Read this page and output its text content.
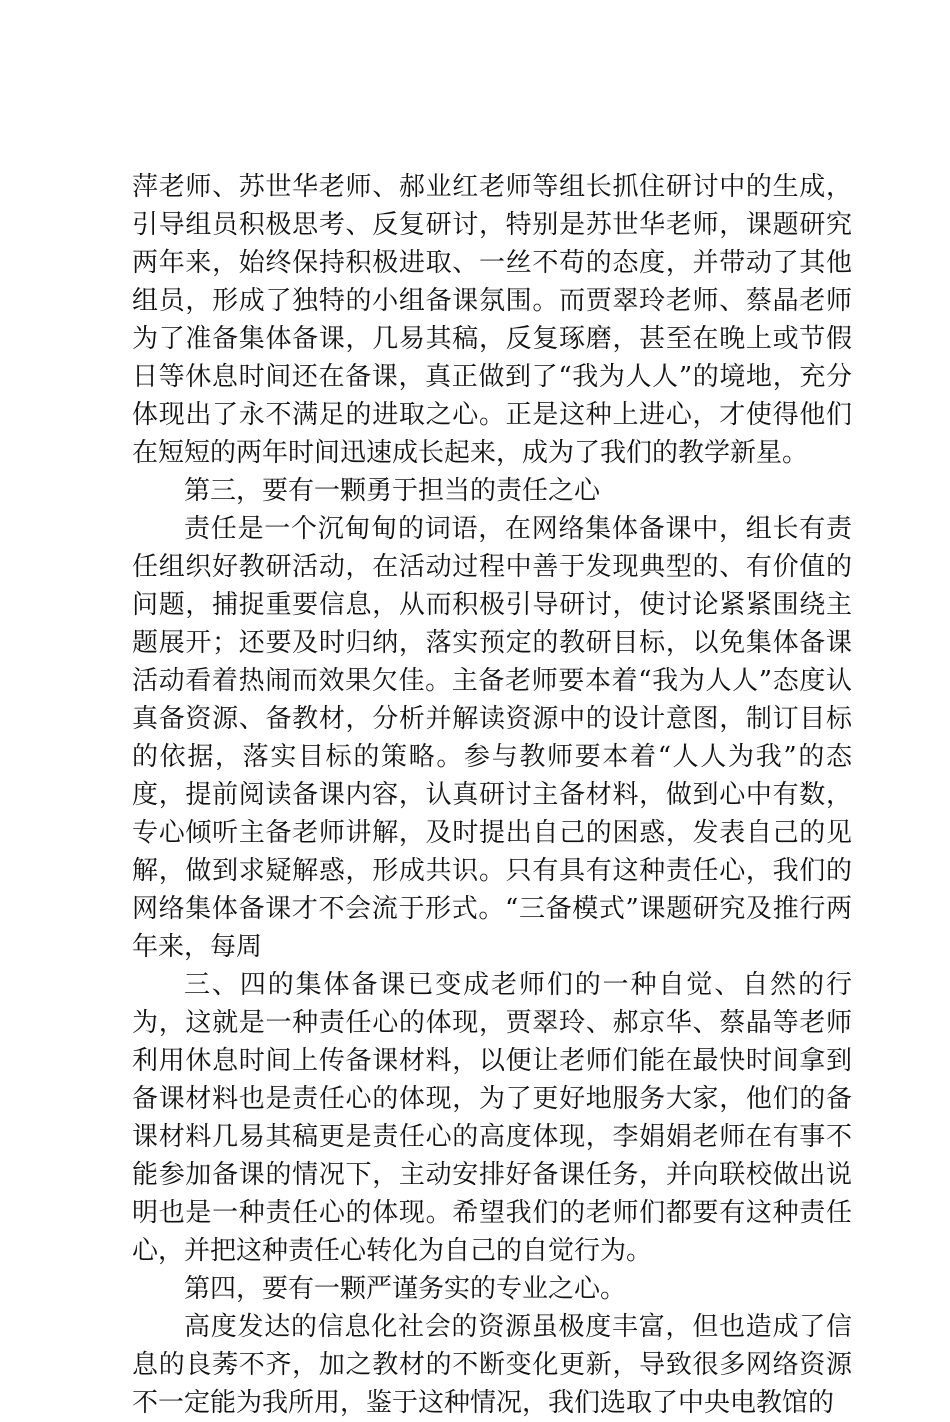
萍老师、苏世华老师、郝业红老师等组长抓住研讨中的生成，引导组员积极思考、反复研讨，特别是苏世华老师，课题研究两年来，始终保持积极进取、一丝不苟的态度，并带动了其他组员，形成了独特的小组备课氛围。而贾翠玲老师、蔡晶老师为了准备集体备课，几易其稿，反复琢磨，甚至在晚上或节假日等休息时间还在备课，真正做到了“我为人人”的境地，充分体现出了永不满足的进取之心。正是这种上进心，才使得他们在短短的两年时间迅速成长起来，成为了我们的教学新星。

第三，要有一颗勇于担当的责任之心

责任是一个沉甸甸的词语，在网络集体备课中，组长有责任组织好教研活动，在活动过程中善于发现典型的、有价值的问题，捕捉重要信息，从而积极引导研讨，使讨论紧紧围绕主题展开；还要及时归纳，落实预定的教研目标，以免集体备课活动看着热闹而效果欠佳。主备老师要本着“我为人人”态度认真备资源、备教材，分析并解读资源中的设计意图，制订目标的依据，落实目标的策略。参与教师要本着“人人为我”的态度，提前阅读备课内容，认真研讨主备材料，做到心中有数，专心倾听主备老师讲解，及时提出自己的困惑，发表自己的见解，做到求疑解惑，形成共识。只有具有这种责任心，我们的网络集体备课才不会流于形式。“三备模式”课题研究及推行两年来，每周

三、四的集体备课已变成老师们的一种自觉、自然的行为，这就是一种责任心的体现，贾翠玲、郝京华、蔡晶等老师利用休息时间上传备课材料，以便让老师们能在最快时间拿到备课材料也是责任心的体现，为了更好地服务大家，他们的备课材料几易其稿更是责任心的高度体现，李娟娟老师在有事不能参加备课的情况下，主动安排好备课任务，并向联校做出说明也是一种责任心的体现。希望我们的老师们都要有这种责任心，并把这种责任心转化为自己的自觉行为。

第四，要有一颗严谨务实的专业之心。

高度发达的信息化社会的资源虽极度丰富，但也造成了信息的良莠不齐，加之教材的不断变化更新，导致很多网络资源不一定能为我所用，鉴于这种情况，我们选取了中央电教馆的
